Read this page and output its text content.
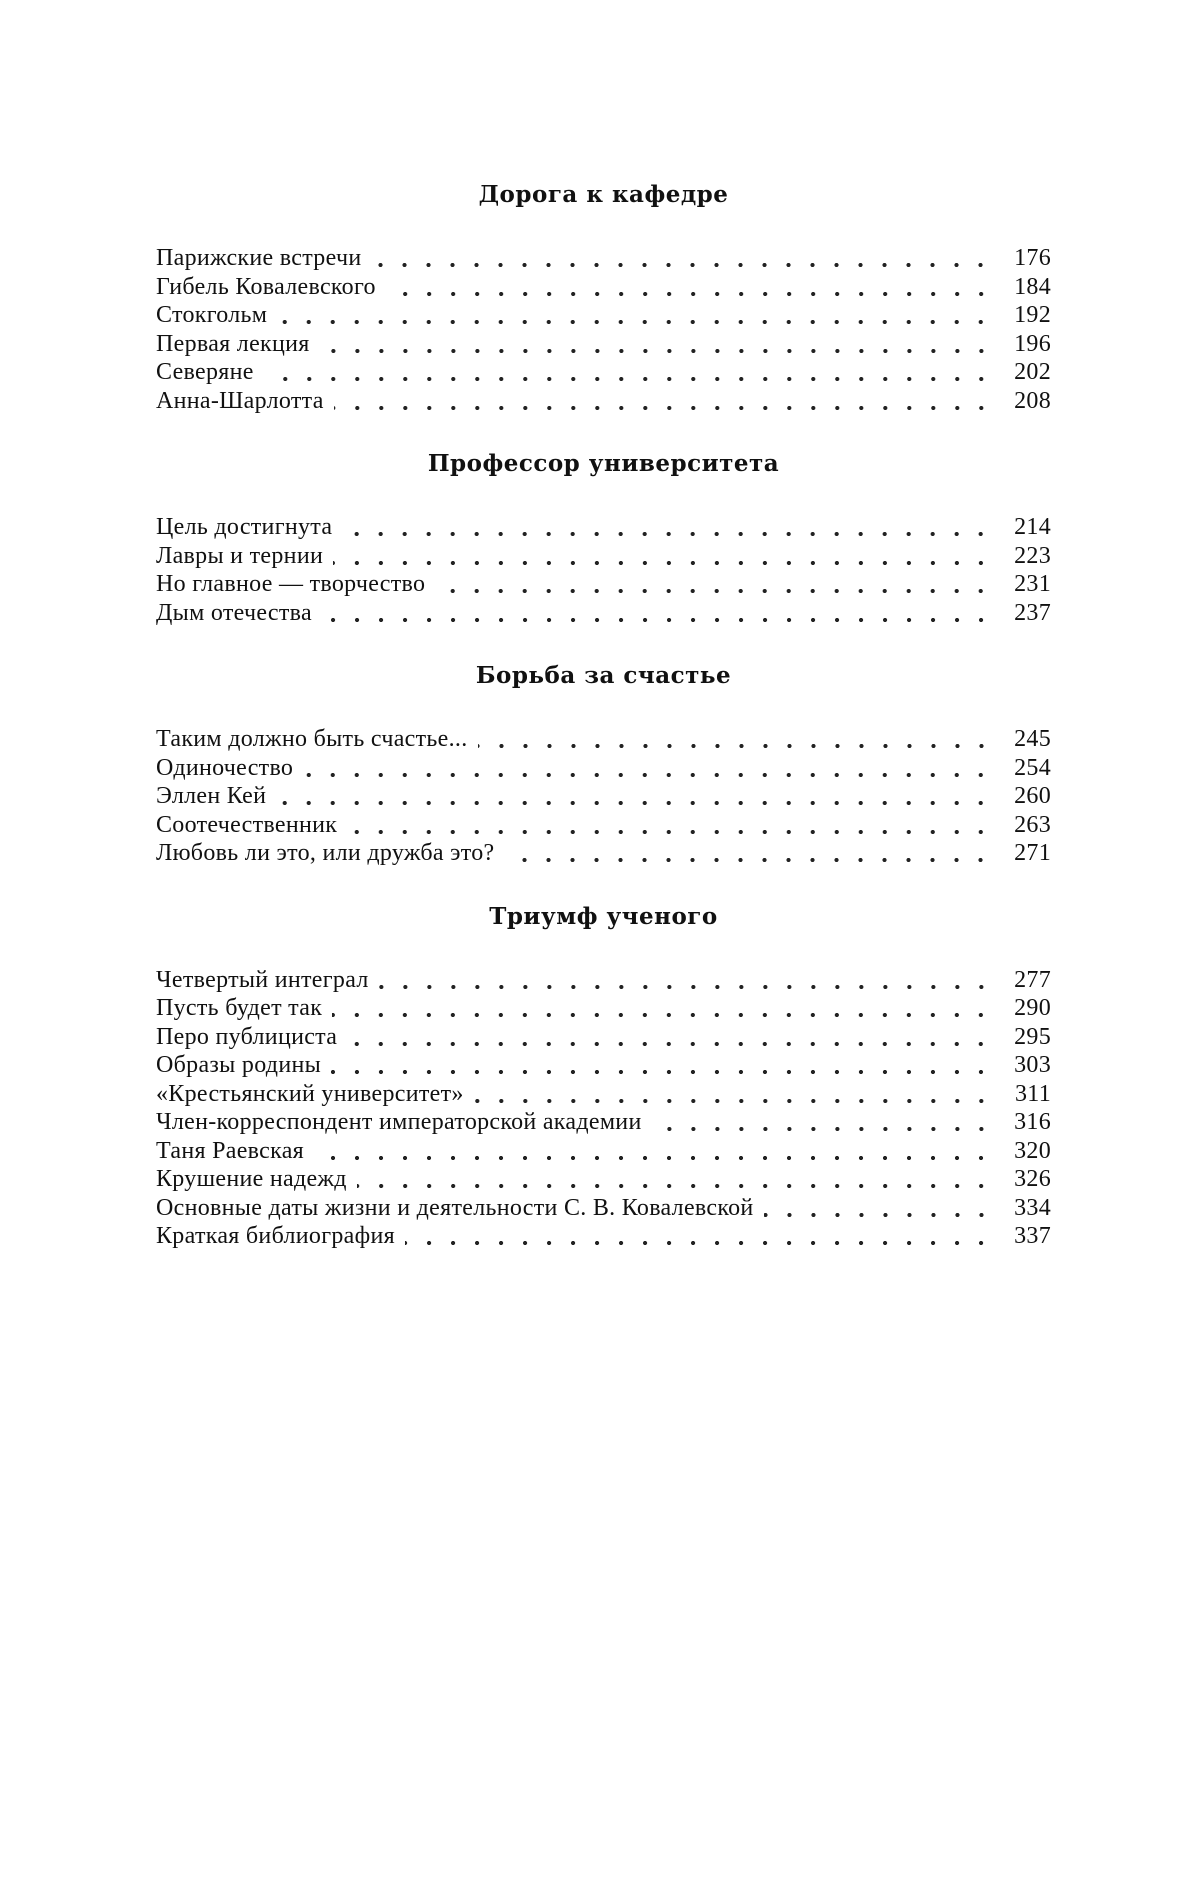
Дорога к кафедре
Парижские встречи	176
Гибель Ковалевского	184
Стокгольм	192
Первая лекция	196
Северяне	202
Анна-Шарлотта	208
Профессор университета
Цель достигнута	214
Лавры и тернии	223
Но главное — творчество	231
Дым отечества	237
Борьба за счастье
Таким должно быть счастье...	245
Одиночество	254
Эллен Кей	260
Соотечественник	263
Любовь ли это, или дружба это?	271
Триумф ученого
Четвертый интеграл	277
Пусть будет так	290
Перо публициста	295
Образы родины	303
«Крестьянский университет»	311
Член-корреспондент императорской академии	316
Таня Раевская	320
Крушение надежд	326
Основные даты жизни и деятельности С. В. Ковалевской	334
Краткая библиография	337
